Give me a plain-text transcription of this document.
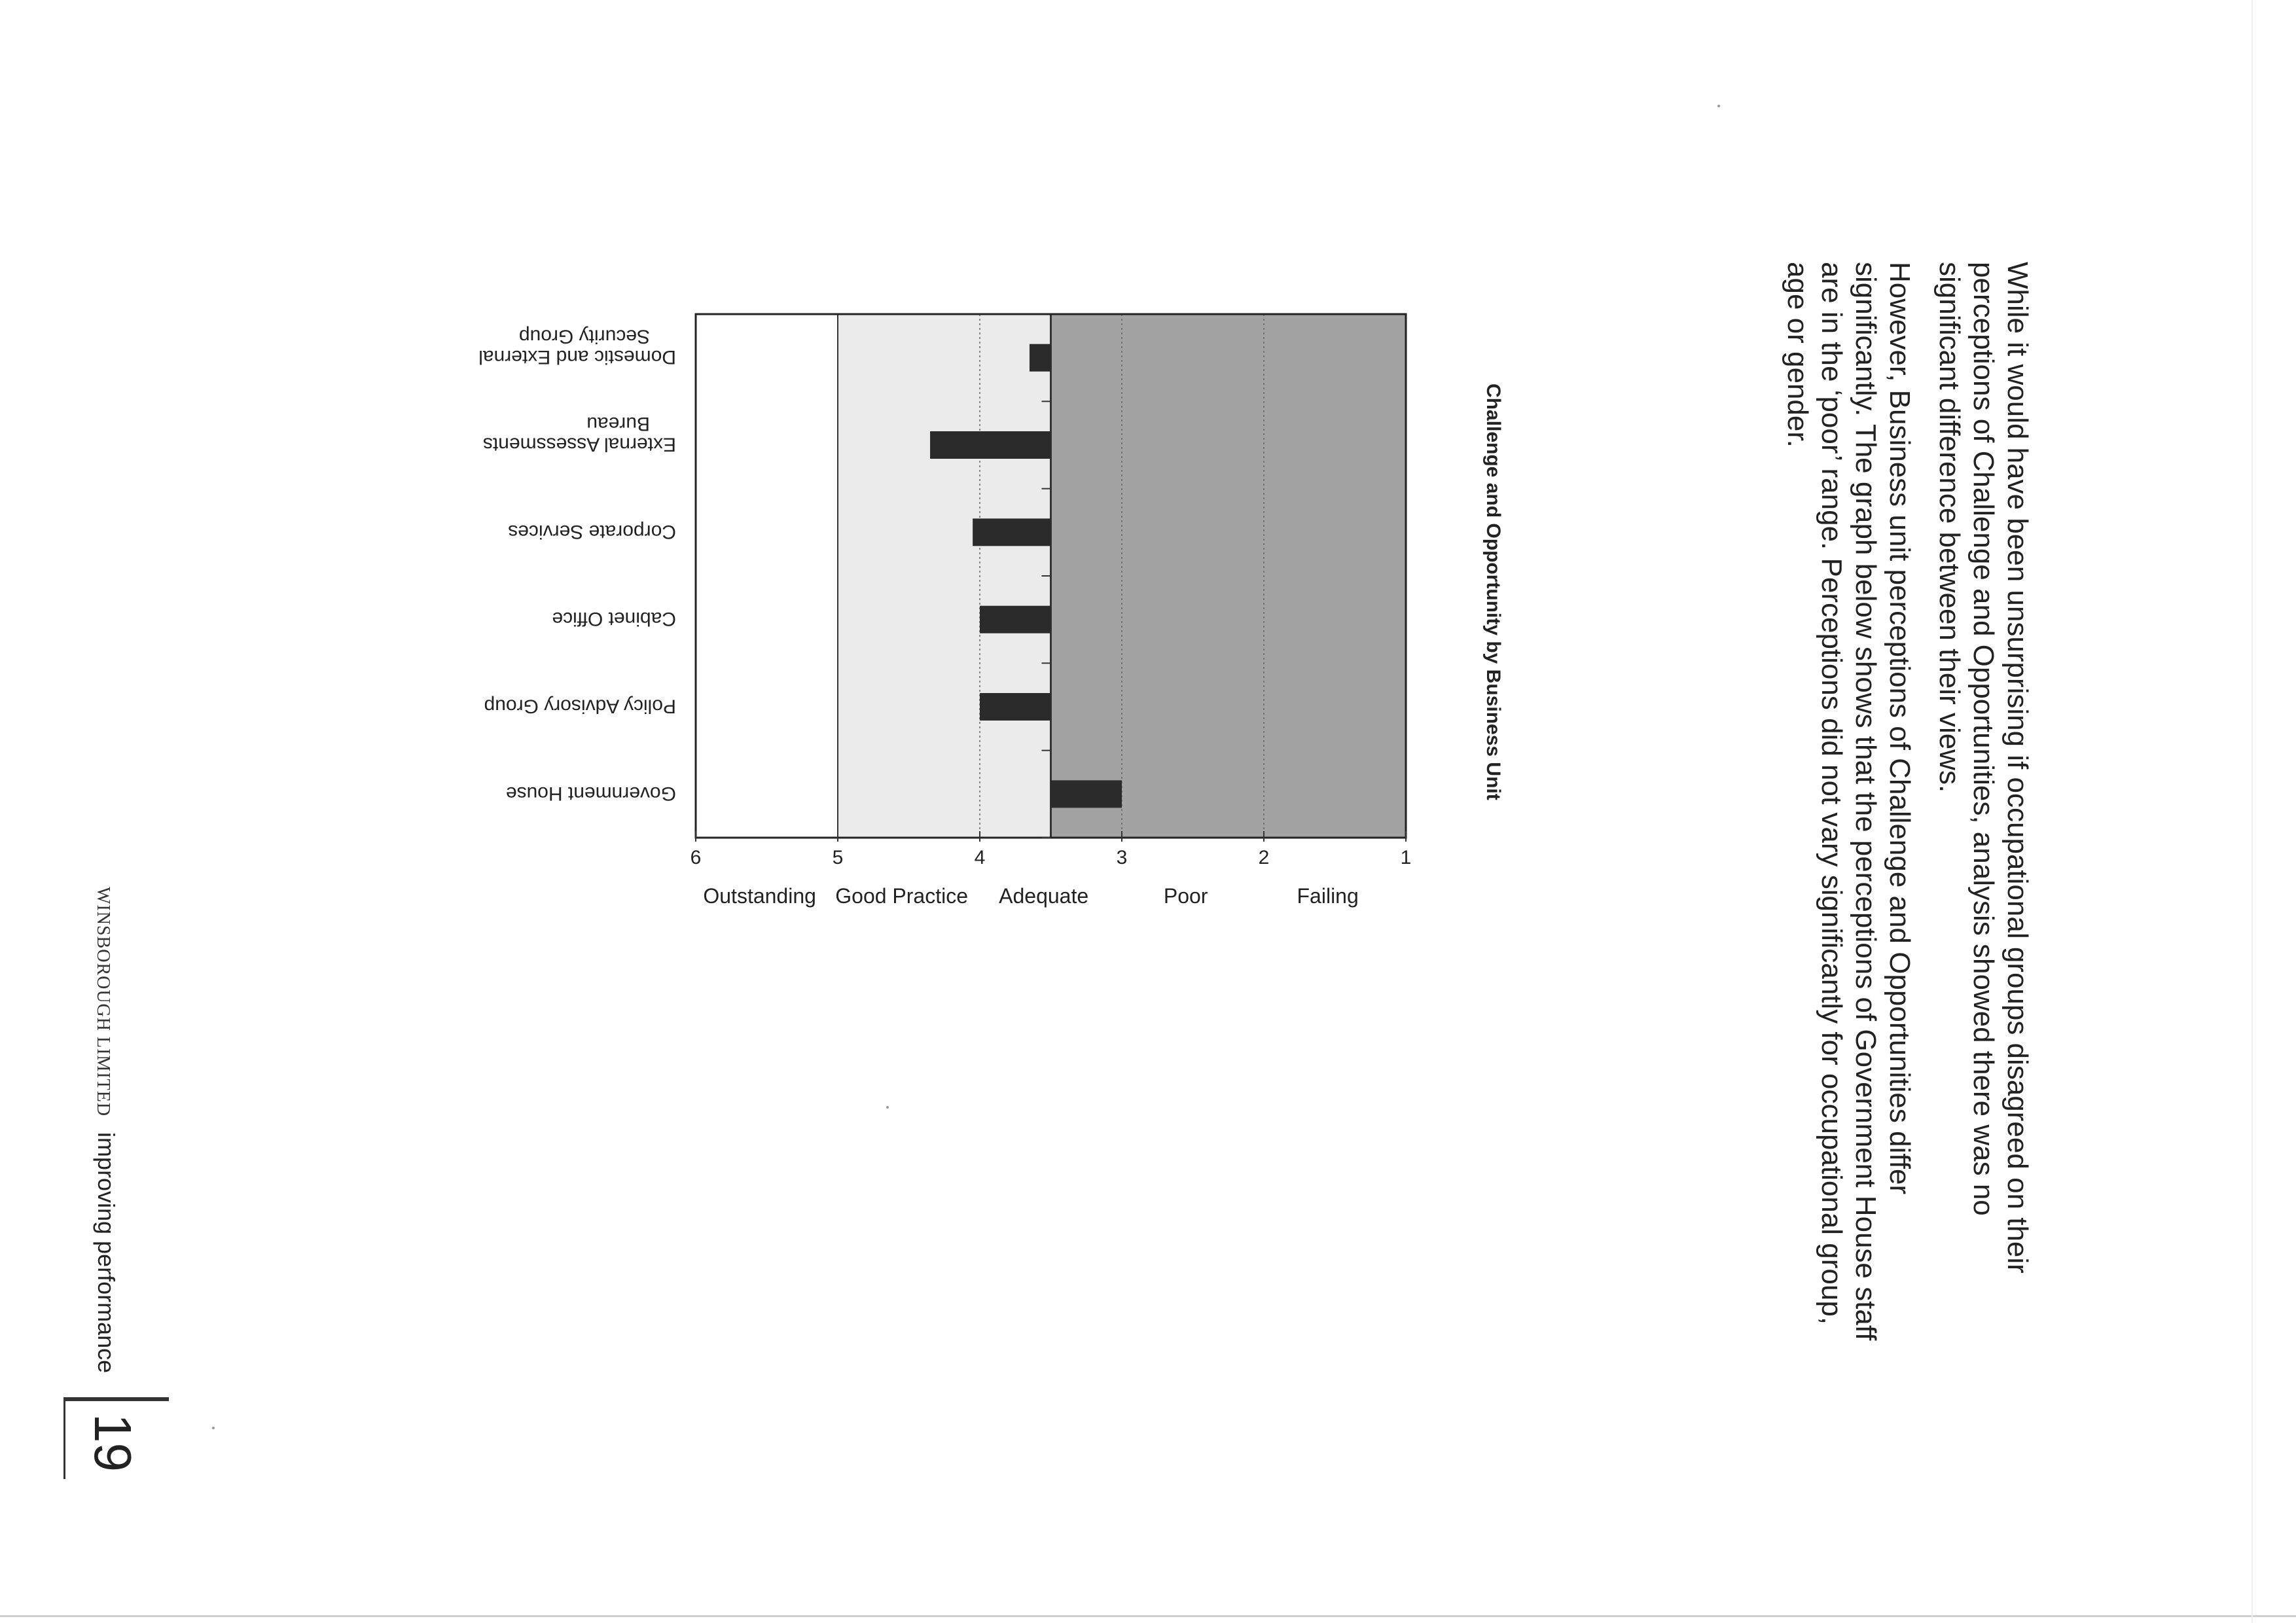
While it would have been unsurprising if occupational groups disagreed on their perceptions of Challenge and Opportunities, analysis showed there was no significant difference between their views.

However, Business unit perceptions of Challenge and Opportunities differ significantly. The graph below shows that the perceptions of Government House staff are in the ‘poor’ range. Perceptions did not vary significantly for occupational group, age or gender.

Challenge and Opportunity by Business Unit
1
2
3
4
5
6
Failing
Poor
Adequate
Good Practice
Outstanding
Domestic and ExternalSecurity Group
External AssessmentsBureau
Corporate Services
Cabinet Office
Policy Advisory Group
Government House
WINSBOROUGH LIMITED
improving performance
19
